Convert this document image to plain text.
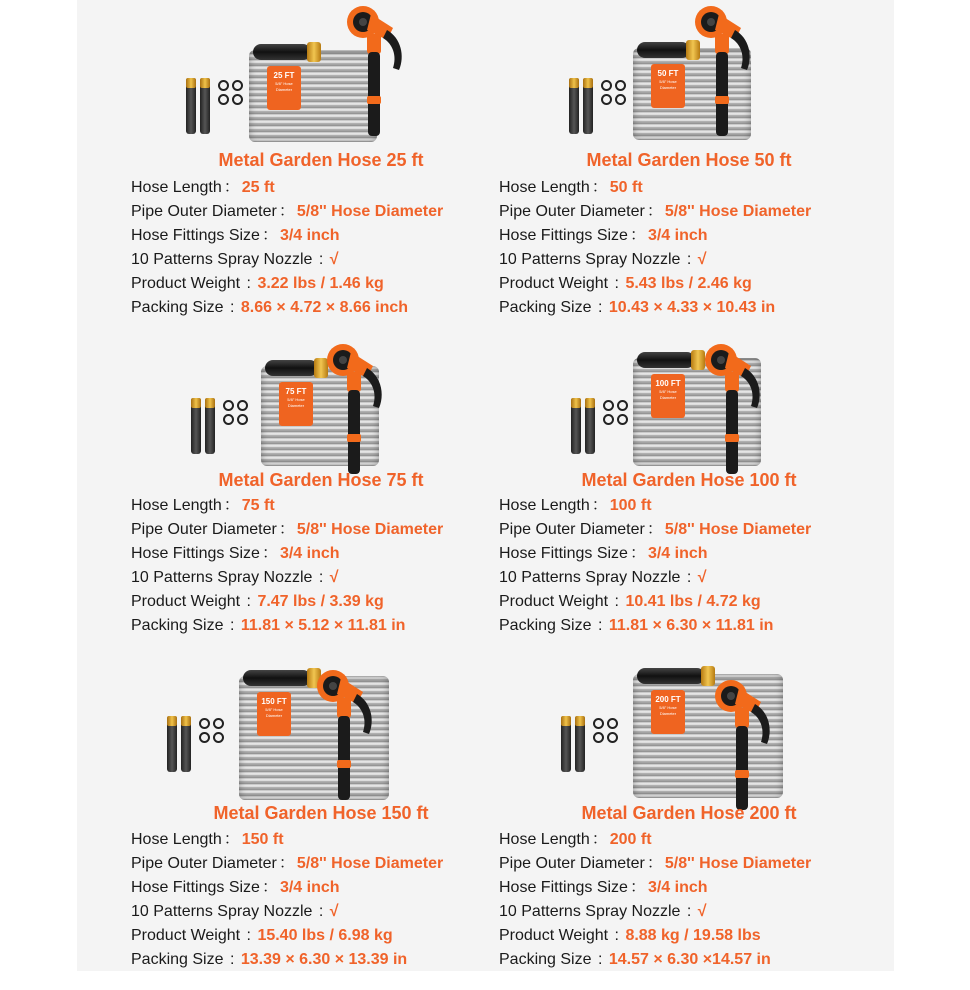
25 FT
5/8" Hose Diameter
Metal Garden Hose 25 ft
Hose Length ： 25 ft
Pipe Outer Diameter ： 5/8'' Hose Diameter
Hose Fittings Size ： 3/4 inch
10 Patterns Spray Nozzle : √
Product Weight : 3.22 lbs / 1.46 kg
Packing Size : 8.66 × 4.72 × 8.66 inch
50 FT
5/8" Hose Diameter
Metal Garden Hose 50 ft
Hose Length ： 50 ft
Pipe Outer Diameter ： 5/8'' Hose Diameter
Hose Fittings Size ： 3/4 inch
10 Patterns Spray Nozzle : √
Product Weight : 5.43 lbs / 2.46 kg
Packing Size : 10.43 × 4.33 × 10.43 in
75 FT
5/8" Hose Diameter
Metal Garden Hose 75 ft
Hose Length ： 75 ft
Pipe Outer Diameter ： 5/8'' Hose Diameter
Hose Fittings Size ： 3/4 inch
10 Patterns Spray Nozzle : √
Product Weight : 7.47 lbs / 3.39 kg
Packing Size : 11.81 × 5.12 × 11.81 in
100 FT
5/8" Hose Diameter
Metal Garden Hose 100 ft
Hose Length ： 100 ft
Pipe Outer Diameter ： 5/8'' Hose Diameter
Hose Fittings Size ： 3/4 inch
10 Patterns Spray Nozzle : √
Product Weight : 10.41 lbs / 4.72 kg
Packing Size : 11.81 × 6.30 × 11.81 in
150 FT
5/8" Hose Diameter
Metal Garden Hose 150 ft
Hose Length ： 150 ft
Pipe Outer Diameter ： 5/8'' Hose Diameter
Hose Fittings Size ： 3/4 inch
10 Patterns Spray Nozzle : √
Product Weight : 15.40 lbs / 6.98 kg
Packing Size : 13.39 × 6.30 × 13.39 in
200 FT
5/8" Hose Diameter
Metal Garden Hose 200 ft
Hose Length ： 200 ft
Pipe Outer Diameter ： 5/8'' Hose Diameter
Hose Fittings Size ： 3/4 inch
10 Patterns Spray Nozzle : √
Product Weight : 8.88 kg / 19.58 lbs
Packing Size : 14.57 × 6.30 ×14.57 in
